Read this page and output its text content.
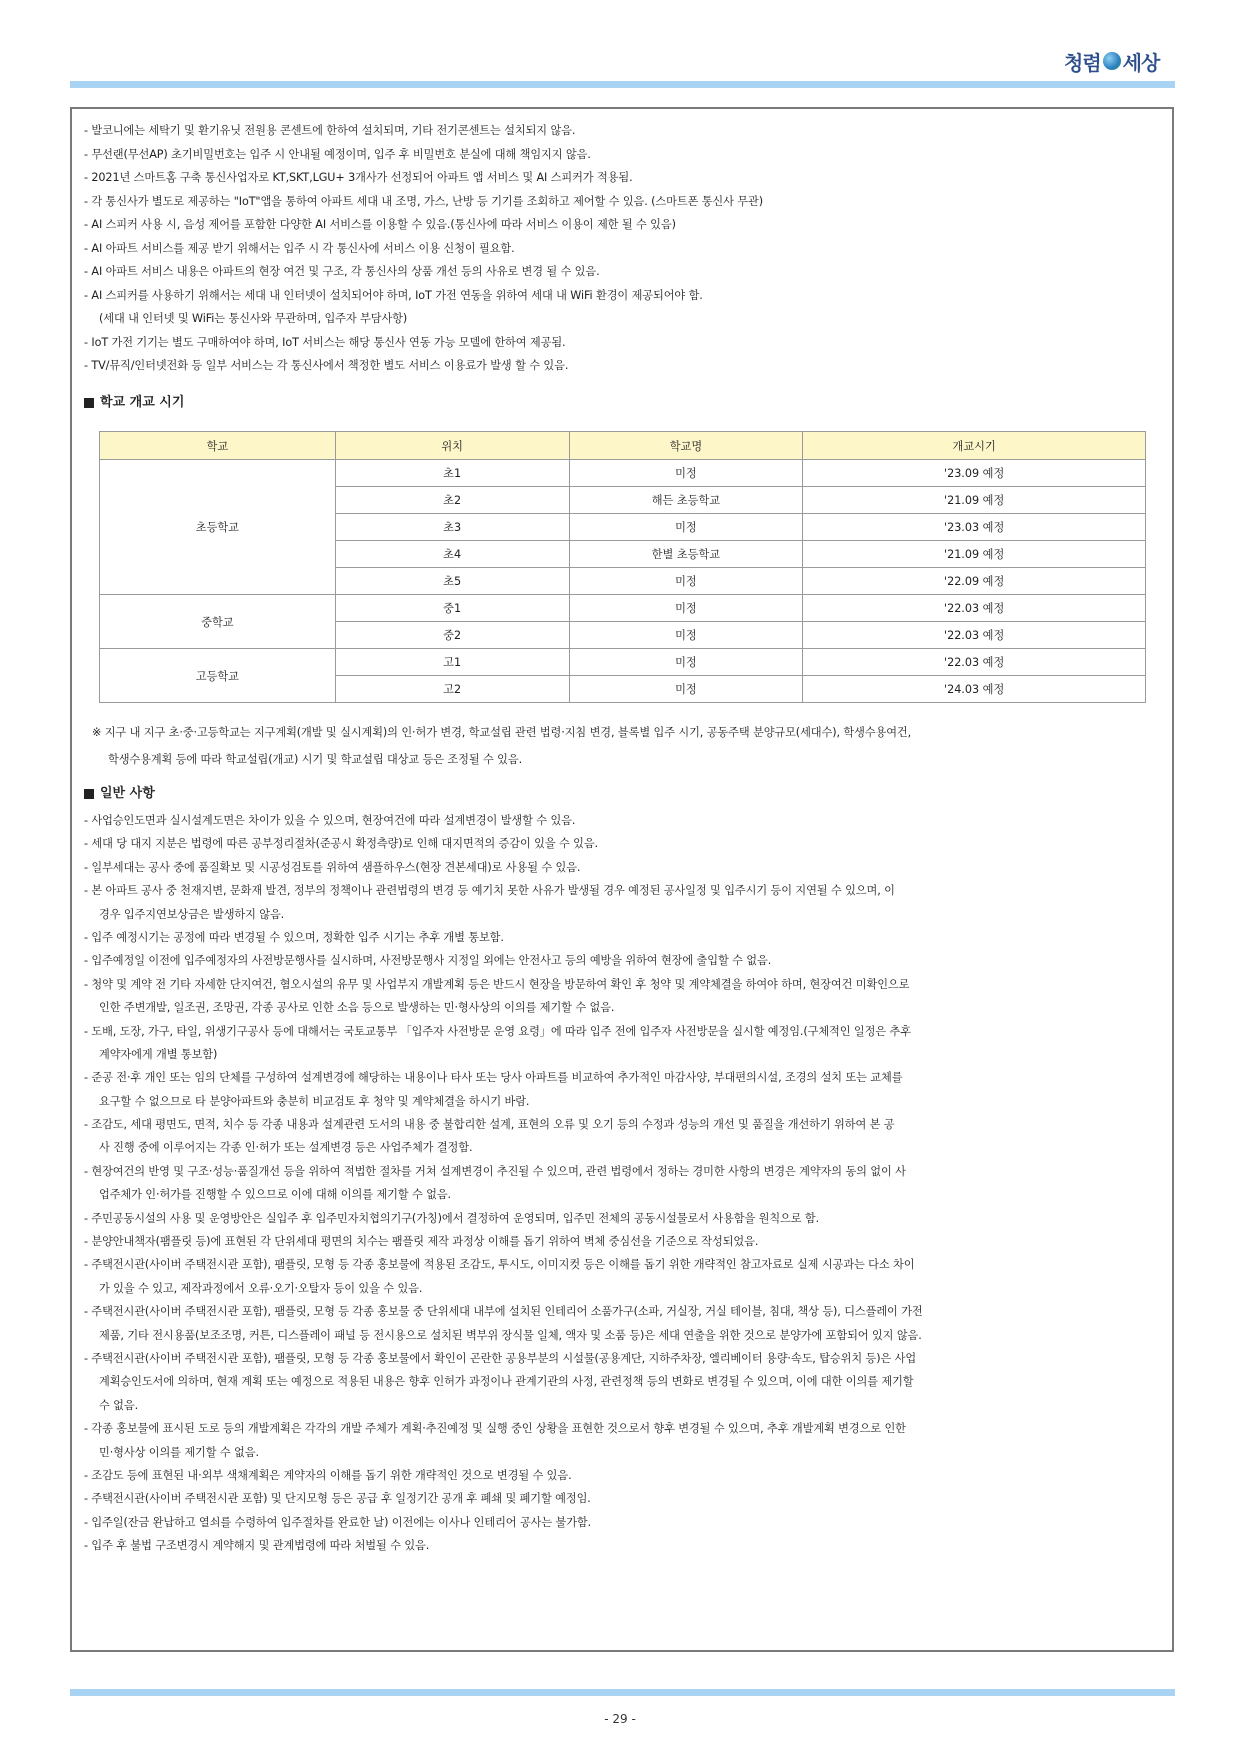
청렴 세상
- 발코니에는 세탁기 및 환기유닛 전원용 콘센트에 한하여 설치되며, 기타 전기콘센트는 설치되지 않음.
- 무선랜(무선AP) 초기비밀번호는 입주 시 안내될 예정이며, 입주 후 비밀번호 분실에 대해 책임지지 않음.
- 2021년 스마트홈 구축 통신사업자로 KT,SKT,LGU+ 3개사가 선정되어 아파트 앱 서비스 및 AI 스피커가 적용됨.
- 각 통신사가 별도로 제공하는 "IoT"앱을 통하여 아파트 세대 내 조명, 가스, 난방 등 기기를 조회하고 제어할 수 있음. (스마트폰 통신사 무관)
- AI 스피커 사용 시, 음성 제어를 포함한 다양한 AI 서비스를 이용할 수 있음.(통신사에 따라 서비스 이용이 제한 될 수 있음)
- AI 아파트 서비스를 제공 받기 위해서는 입주 시 각 통신사에 서비스 이용 신청이 필요함.
- AI 아파트 서비스 내용은 아파트의 현장 여건 및 구조, 각 통신사의 상품 개선 등의 사유로 변경 될 수 있음.
- AI 스피커를 사용하기 위해서는 세대 내 인터넷이 설치되어야 하며, IoT 가전 연동을 위하여 세대 내 WiFi 환경이 제공되어야 함.
(세대 내 인터넷 및 WiFi는 통신사와 무관하며, 입주자 부담사항)
- IoT 가전 기기는 별도 구매하여야 하며, IoT 서비스는 해당 통신사 연동 가능 모델에 한하여 제공됨.
- TV/뮤직/인터넷전화 등 일부 서비스는 각 통신사에서 책정한 별도 서비스 이용료가 발생 할 수 있음.
학교 개교 시기
학교	위치	학교명	개교시기
초등학교	초1	미정	'23.09 예정
	초2	해든 초등학교	'21.09 예정
	초3	미정	'23.03 예정
	초4	한별 초등학교	'21.09 예정
	초5	미정	'22.09 예정
중학교	중1	미정	'22.03 예정
	중2	미정	'22.03 예정
고등학교	고1	미정	'22.03 예정
	고2	미정	'24.03 예정
※ 지구 내 지구 초·중·고등학교는 지구계획(개발 및 실시계획)의 인·허가 변경, 학교설립 관련 법령·지침 변경, 블록별 입주 시기, 공동주택 분양규모(세대수), 학생수용여건,
학생수용계획 등에 따라 학교설립(개교) 시기 및 학교설립 대상교 등은 조정될 수 있음.
일반 사항
- 사업승인도면과 실시설계도면은 차이가 있을 수 있으며, 현장여건에 따라 설계변경이 발생할 수 있음.
- 세대 당 대지 지분은 법령에 따른 공부정리절차(준공시 확정측량)로 인해 대지면적의 증감이 있을 수 있음.
- 일부세대는 공사 중에 품질확보 및 시공성검토를 위하여 샘플하우스(현장 견본세대)로 사용될 수 있음.
- 본 아파트 공사 중 천재지변, 문화재 발견, 정부의 정책이나 관련법령의 변경 등 예기치 못한 사유가 발생될 경우 예정된 공사일정 및 입주시기 등이 지연될 수 있으며, 이
경우 입주지연보상금은 발생하지 않음.
- 입주 예정시기는 공정에 따라 변경될 수 있으며, 정확한 입주 시기는 추후 개별 통보함.
- 입주예정일 이전에 입주예정자의 사전방문행사를 실시하며, 사전방문행사 지정일 외에는 안전사고 등의 예방을 위하여 현장에 출입할 수 없음.
- 청약 및 계약 전 기타 자세한 단지여건, 혐오시설의 유무 및 사업부지 개발계획 등은 반드시 현장을 방문하여 확인 후 청약 및 계약체결을 하여야 하며, 현장여건 미확인으로
인한 주변개발, 일조권, 조망권, 각종 공사로 인한 소음 등으로 발생하는 민·형사상의 이의를 제기할 수 없음.
- 도배, 도장, 가구, 타일, 위생기구공사 등에 대해서는 국토교통부 「입주자 사전방문 운영 요령」에 따라 입주 전에 입주자 사전방문을 실시할 예정임.(구체적인 일정은 추후
계약자에게 개별 통보함)
- 준공 전·후 개인 또는 임의 단체를 구성하여 설계변경에 해당하는 내용이나 타사 또는 당사 아파트를 비교하여 추가적인 마감사양, 부대편의시설, 조경의 설치 또는 교체를
요구할 수 없으므로 타 분양아파트와 충분히 비교검토 후 청약 및 계약체결을 하시기 바람.
- 조감도, 세대 평면도, 면적, 치수 등 각종 내용과 설계관련 도서의 내용 중 불합리한 설계, 표현의 오류 및 오기 등의 수정과 성능의 개선 및 품질을 개선하기 위하여 본 공
사 진행 중에 이루어지는 각종 인·허가 또는 설계변경 등은 사업주체가 결정함.
- 현장여건의 반영 및 구조·성능·품질개선 등을 위하여 적법한 절차를 거쳐 설계변경이 추진될 수 있으며, 관련 법령에서 정하는 경미한 사항의 변경은 계약자의 동의 없이 사
업주체가 인·허가를 진행할 수 있으므로 이에 대해 이의를 제기할 수 없음.
- 주민공동시설의 사용 및 운영방안은 실입주 후 입주민자치협의기구(가칭)에서 결정하여 운영되며, 입주민 전체의 공동시설물로서 사용함을 원칙으로 함.
- 분양안내책자(팸플릿 등)에 표현된 각 단위세대 평면의 치수는 팸플릿 제작 과정상 이해를 돕기 위하여 벽체 중심선을 기준으로 작성되었음.
- 주택전시관(사이버 주택전시관 포함), 팸플릿, 모형 등 각종 홍보물에 적용된 조감도, 투시도, 이미지컷 등은 이해를 돕기 위한 개략적인 참고자료로 실제 시공과는 다소 차이
가 있을 수 있고, 제작과정에서 오류·오기·오탈자 등이 있을 수 있음.
- 주택전시관(사이버 주택전시관 포함), 팸플릿, 모형 등 각종 홍보물 중 단위세대 내부에 설치된 인테리어 소품가구(소파, 거실장, 거실 테이블, 침대, 책상 등), 디스플레이 가전
제품, 기타 전시용품(보조조명, 커튼, 디스플레이 패널 등 전시용으로 설치된 벽부위 장식물 일체, 액자 및 소품 등)은 세대 연출을 위한 것으로 분양가에 포함되어 있지 않음.
- 주택전시관(사이버 주택전시관 포함), 팸플릿, 모형 등 각종 홍보물에서 확인이 곤란한 공용부분의 시설물(공용계단, 지하주차장, 엘리베이터 용량·속도, 탑승위치 등)은 사업
계획승인도서에 의하며, 현재 계획 또는 예정으로 적용된 내용은 향후 인허가 과정이나 관계기관의 사정, 관련정책 등의 변화로 변경될 수 있으며, 이에 대한 이의를 제기할
수 없음.
- 각종 홍보물에 표시된 도로 등의 개발계획은 각각의 개발 주체가 계획·추진예정 및 실행 중인 상황을 표현한 것으로서 향후 변경될 수 있으며, 추후 개발계획 변경으로 인한
민·형사상 이의를 제기할 수 없음.
- 조감도 등에 표현된 내·외부 색채계획은 계약자의 이해를 돕기 위한 개략적인 것으로 변경될 수 있음.
- 주택전시관(사이버 주택전시관 포함) 및 단지모형 등은 공급 후 일정기간 공개 후 폐쇄 및 폐기할 예정임.
- 입주일(잔금 완납하고 열쇠를 수령하여 입주절차를 완료한 날) 이전에는 이사나 인테리어 공사는 불가함.
- 입주 후 불법 구조변경시 계약해지 및 관계법령에 따라 처벌될 수 있음.
- 29 -
